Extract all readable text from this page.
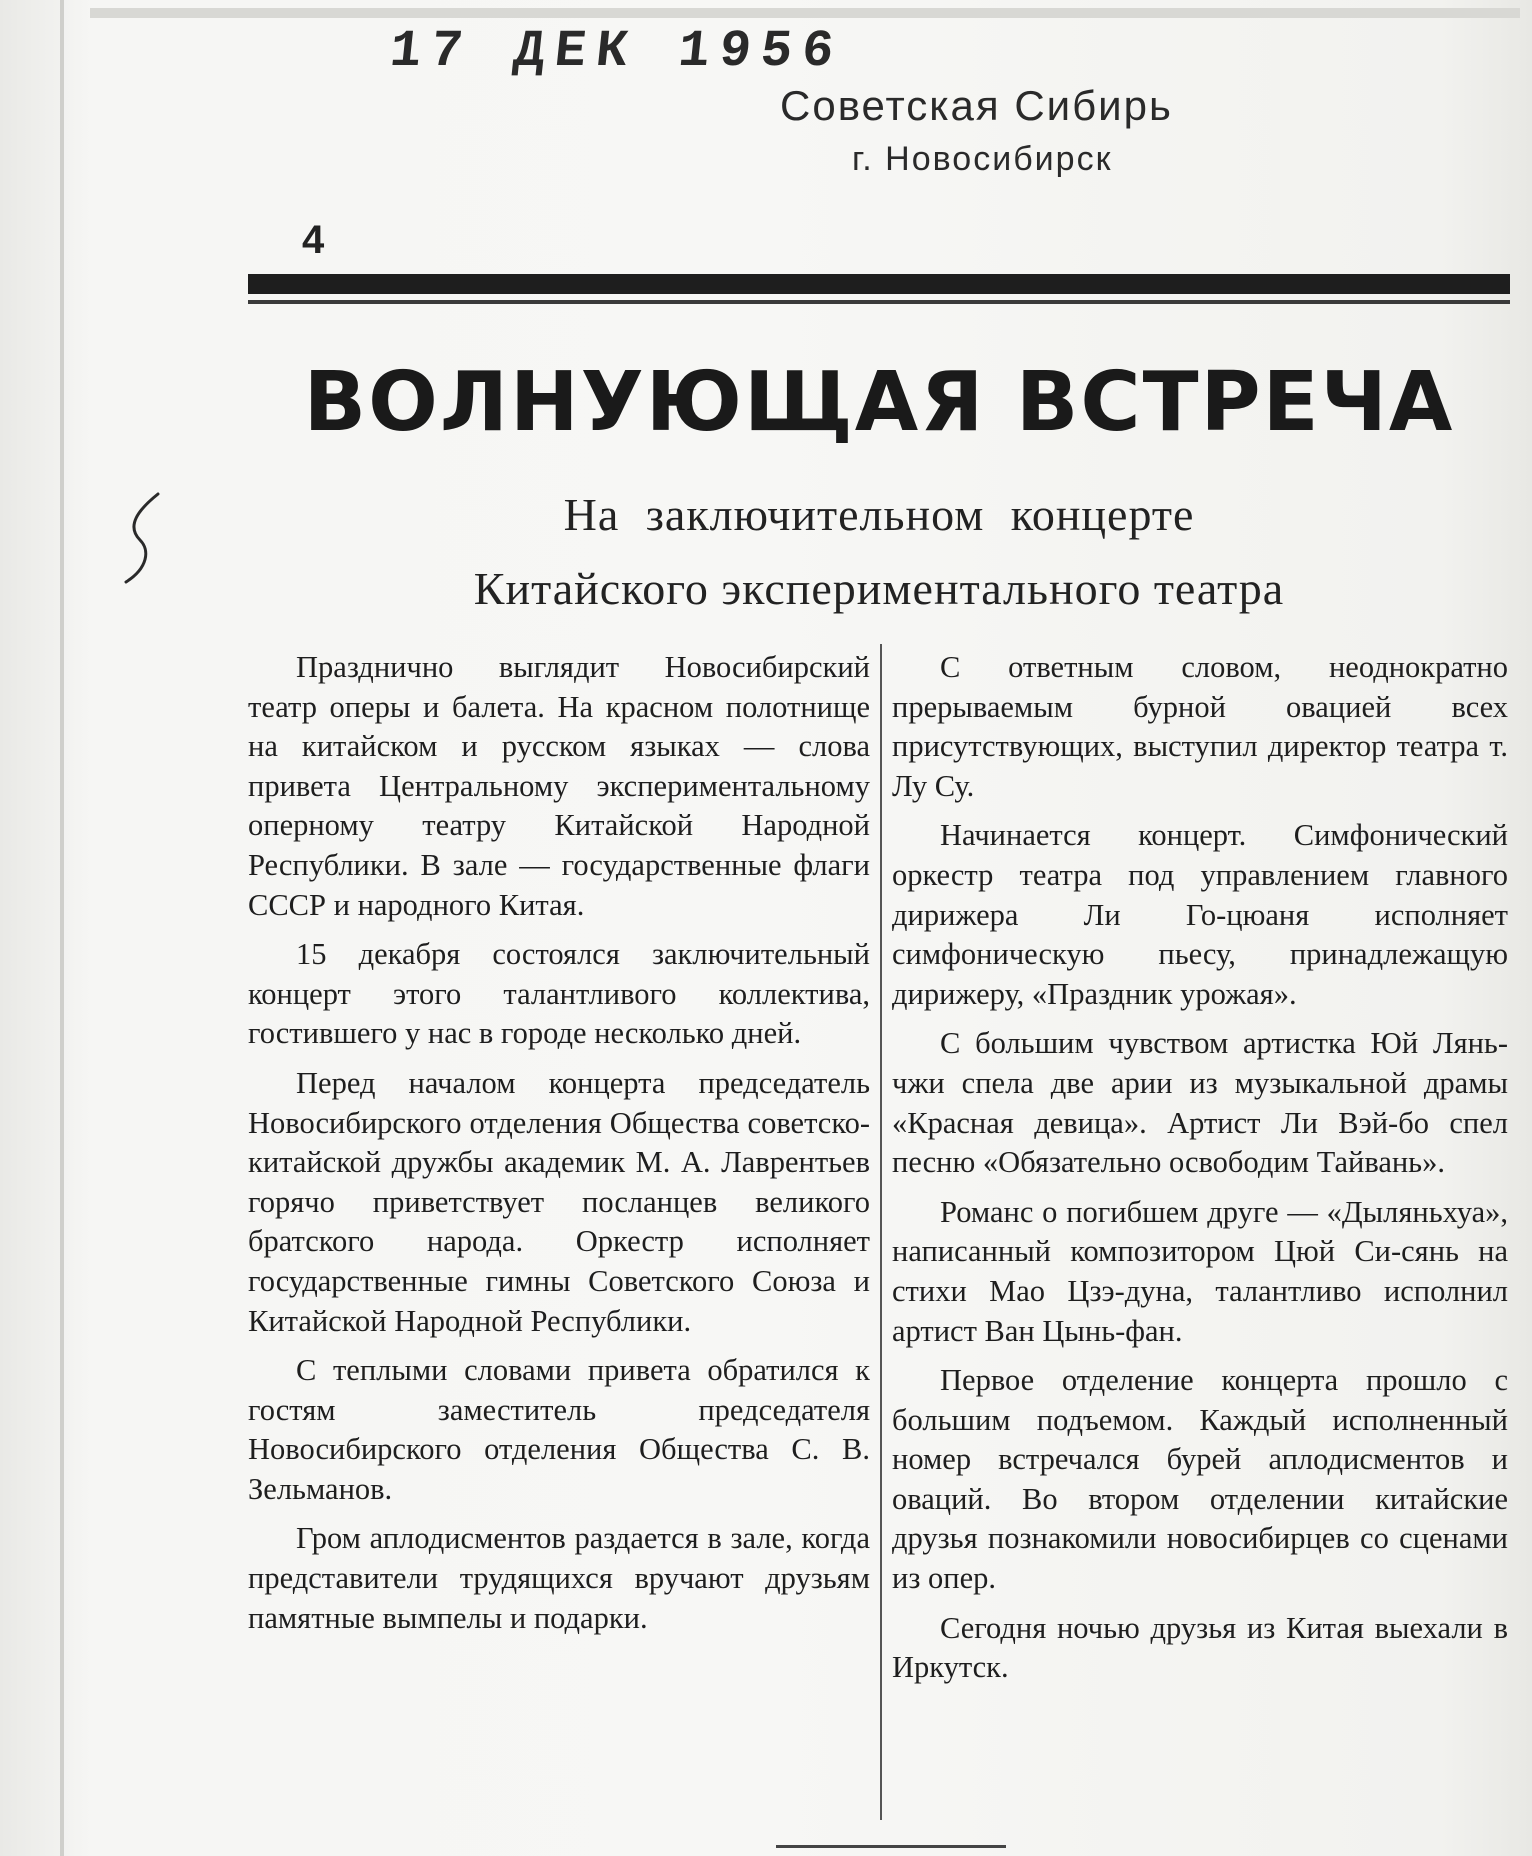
17 ДЕК 1956
Советская Сибирь
г. Новосибирск
4
ВОЛНУЮЩАЯ ВСТРЕЧА
На заключительном концерте
Китайского экспериментального театра

Празднично выглядит Новосибирский театр оперы и балета. На красном полотнище на китайском и русском языках — слова привета Центральному экспериментальному оперному театру Китайской Народной Республики. В зале — государственные флаги СССР и народного Китая.

15 декабря состоялся заключительный концерт этого талантливого коллектива, гостившего у нас в городе несколько дней.

Перед началом концерта председатель Новосибирского отделения Общества советско-китайской дружбы академик М. А. Лаврентьев горячо приветствует посланцев великого братского народа. Оркестр исполняет государственные гимны Советского Союза и Китайской Народной Республики.

С теплыми словами привета обратился к гостям заместитель председателя Новосибирского отделения Общества С. В. Зельманов.

Гром аплодисментов раздается в зале, когда представители трудящихся вручают друзьям памятные вымпелы и подарки.

С ответным словом, неоднократно прерываемым бурной овацией всех присутствующих, выступил директор театра т. Лу Су.

Начинается концерт. Симфонический оркестр театра под управлением главного дирижера Ли Го-цюаня исполняет симфоническую пьесу, принадлежащую дирижеру, «Праздник урожая».

С большим чувством артистка Юй Лянь-чжи спела две арии из музыкальной драмы «Красная девица». Артист Ли Вэй-бо спел песню «Обязательно освободим Тайвань».

Романс о погибшем друге — «Дыляньхуа», написанный композитором Цюй Си-сянь на стихи Мао Цзэ-дуна, талантливо исполнил артист Ван Цынь-фан.

Первое отделение концерта прошло с большим подъемом. Каждый исполненный номер встречался бурей аплодисментов и оваций. Во втором отделении китайские друзья познакомили новосибирцев со сценами из опер.

Сегодня ночью друзья из Китая выехали в Иркутск.
